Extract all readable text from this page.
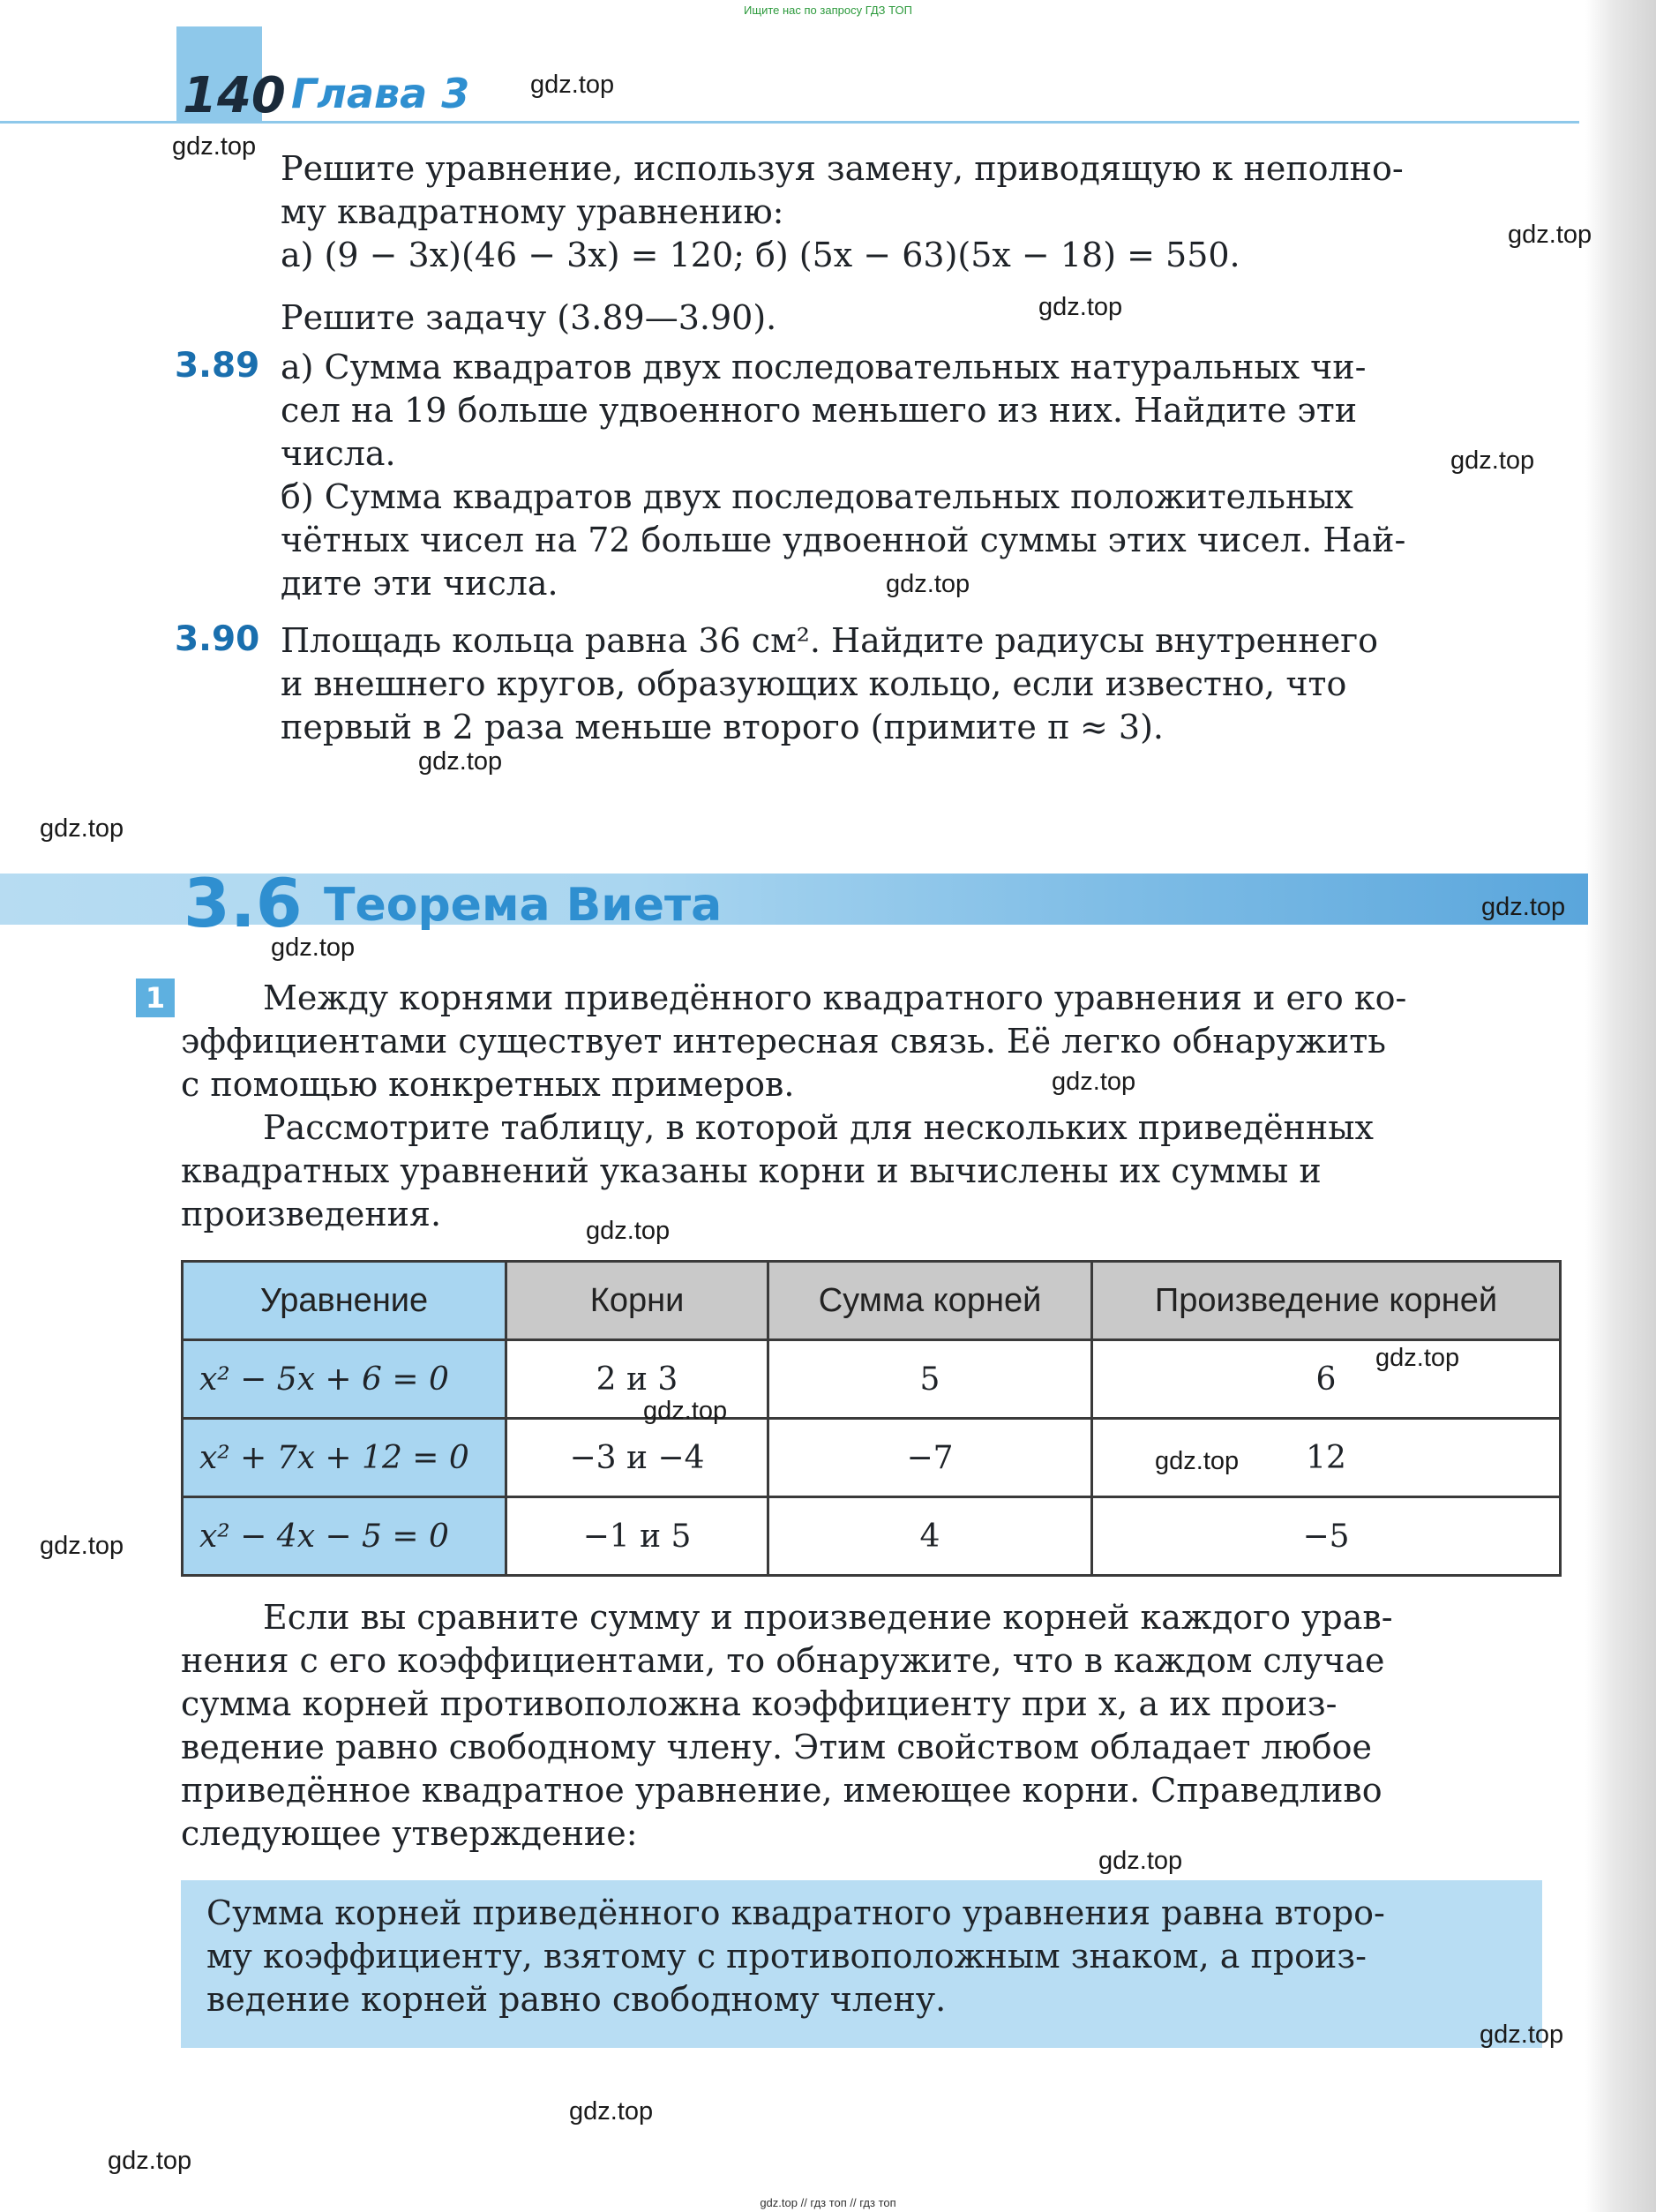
Ищите нас по запросу ГДЗ ТОП
140 Глава 3
Решите уравнение, используя замену, приводящую к неполно-
му квадратному уравнению:
а) (9 − 3x)(46 − 3x) = 120; б) (5x − 63)(5x − 18) = 550.
Решите задачу (3.89—3.90).
3.89 а) Сумма квадратов двух последовательных натуральных чи-
сел на 19 больше удвоенного меньшего из них. Найдите эти
числа.
б) Сумма квадратов двух последовательных положительных
чётных чисел на 72 больше удвоенной суммы этих чисел. Най-
дите эти числа.
3.90 Площадь кольца равна 36 см². Найдите радиусы внутреннего
и внешнего кругов, образующих кольцо, если известно, что
первый в 2 раза меньше второго (примите π ≈ 3).
3.6 Теорема Виета
1	Между корнями приведённого квадратного уравнения и его ко-
эффициентами существует интересная связь. Её легко обнаружить
с помощью конкретных примеров.
Рассмотрите таблицу, в которой для нескольких приведённых
квадратных уравнений указаны корни и вычислены их суммы и
произведения.
Уравнение	Корни	Сумма корней	Произведение корней
x² − 5x + 6 = 0	2 и 3	5	6
x² + 7x + 12 = 0	−3 и −4	−7	12
x² − 4x − 5 = 0	−1 и 5	4	−5
Если вы сравните сумму и произведение корней каждого урав-
нения с его коэффициентами, то обнаружите, что в каждом случае
сумма корней противоположна коэффициенту при x, а их произ-
ведение равно свободному члену. Этим свойством обладает любое
приведённое квадратное уравнение, имеющее корни. Справедливо
следующее утверждение:
Сумма корней приведённого квадратного уравнения равна второ-
му коэффициенту, взятому с противоположным знаком, а произ-
ведение корней равно свободному члену.
gdz.top
gdz.top
gdz.top
gdz.top
gdz.top
gdz.top
gdz.top
gdz.top
gdz.top
gdz.top
gdz.top
gdz.top
gdz.top
gdz.top
gdz.top
gdz.top
gdz.top
gdz.top
gdz.top
gdz.top
gdz.top // гдз топ // гдз топ
